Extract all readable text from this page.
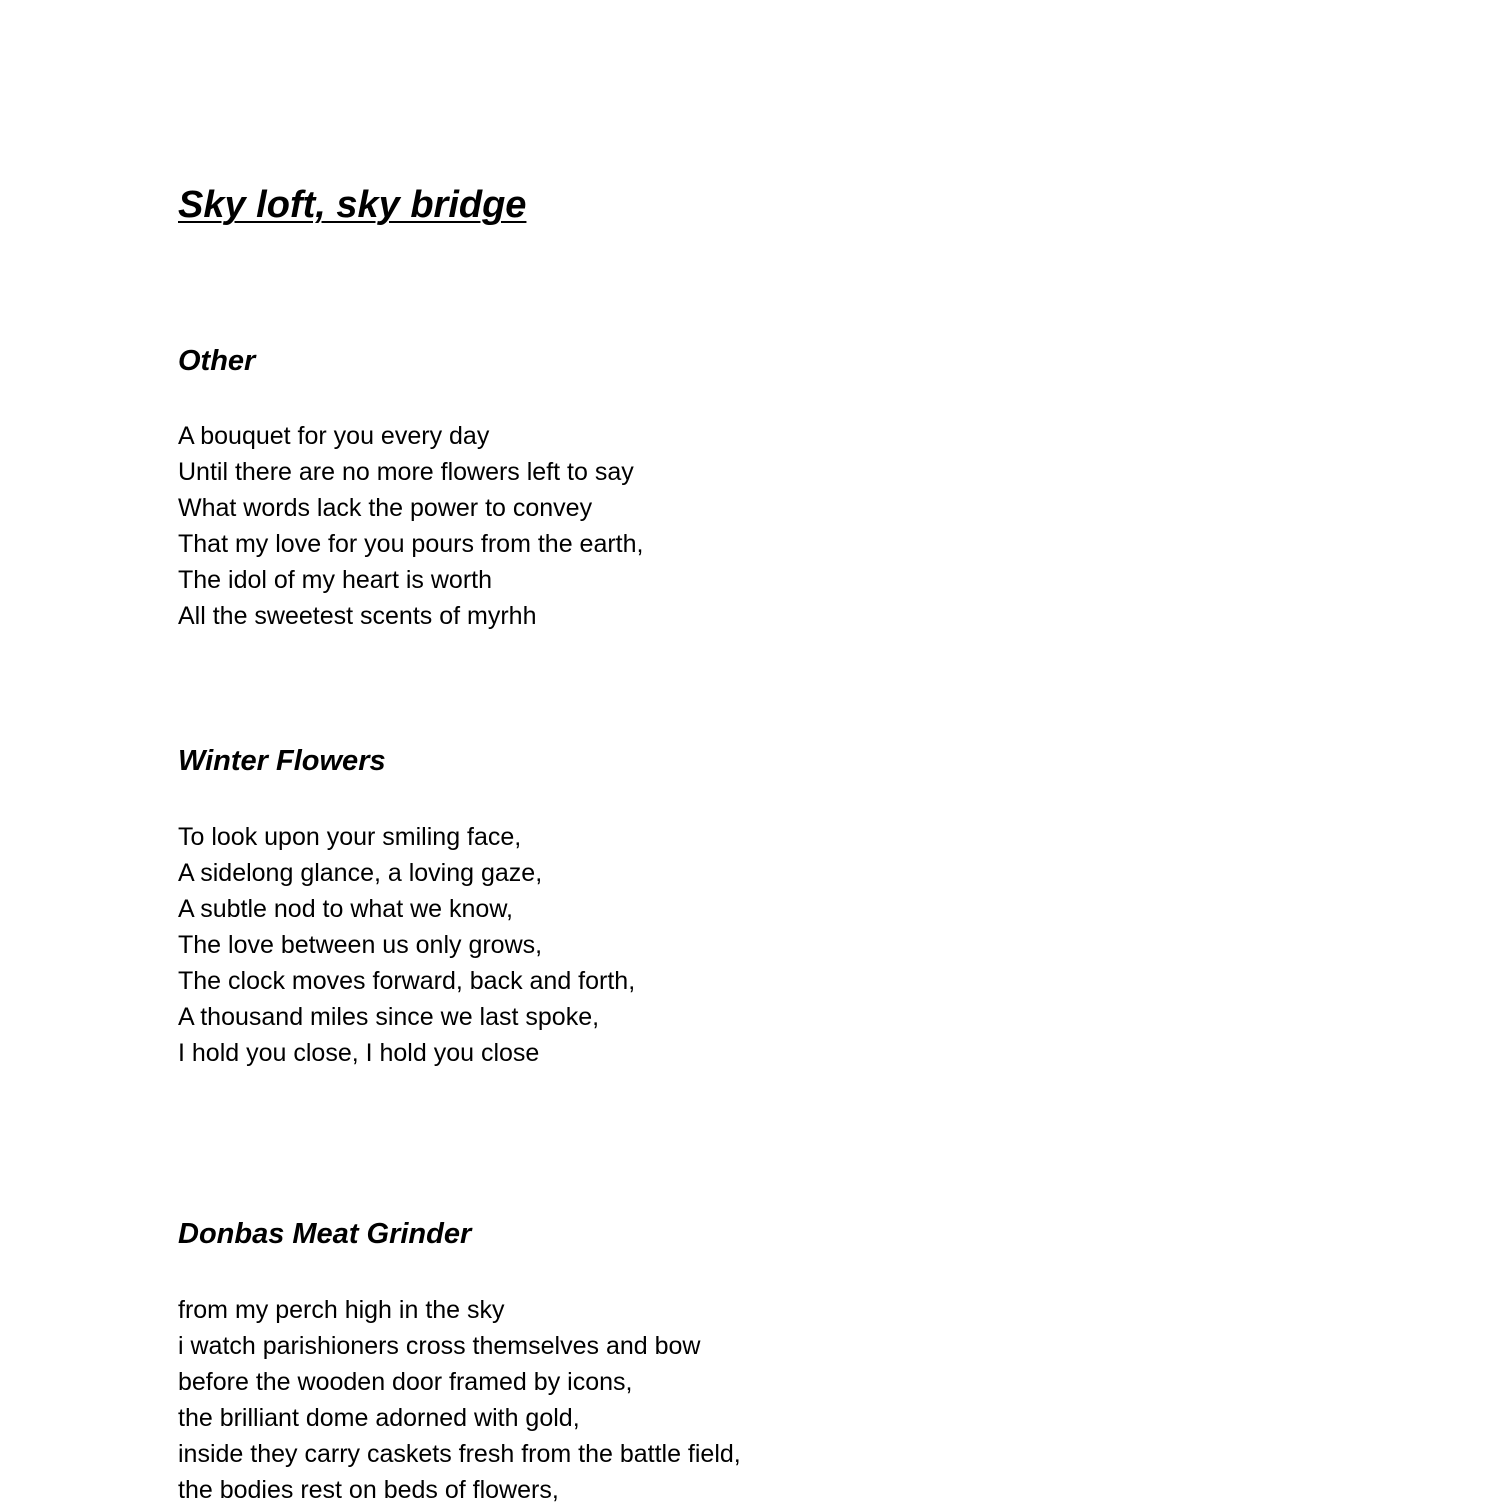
Sky loft, sky bridge
Other
A bouquet for you every day
Until there are no more flowers left to say
What words lack the power to convey
That my love for you pours from the earth,
The idol of my heart is worth
All the sweetest scents of myrhh
Winter Flowers
To look upon your smiling face,
A sidelong glance, a loving gaze,
A subtle nod to what we know,
The love between us only grows,
The clock moves forward, back and forth,
A thousand miles since we last spoke,
I hold you close, I hold you close
Donbas Meat Grinder
from my perch high in the sky
i watch parishioners cross themselves and bow
before the wooden door framed by icons,
the brilliant dome adorned with gold,
inside they carry caskets fresh from the battle field,
the bodies rest on beds of flowers,
